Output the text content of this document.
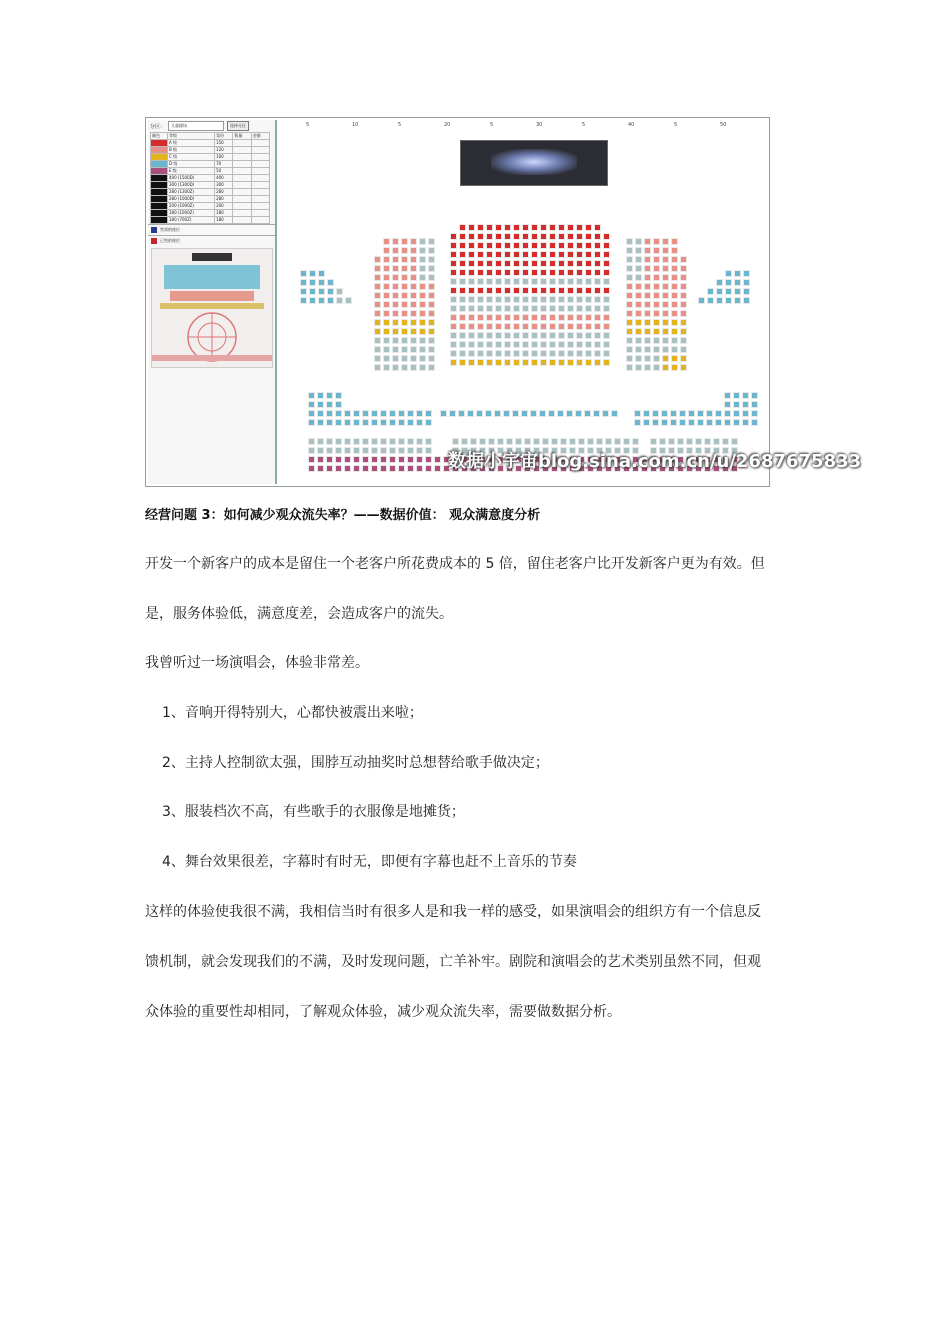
分区：	儿童剧场	选择分区
颜色	等级	票价	数量	金额
	A 级	150		
	B 级	120		
	C 级	100		
	D 级	70		
	E 级	50		
	400 (1500D)	400		
	300 (1300D)	300		
	280 (1300Z)	280		
	280 (1000D)	280		
	200 (1000Z)	200		
	180 (1000Z)	180		
	180 (700Z)	180		
售票的座位
已售的座位
5	10	5	20	5	30	5	40	5	50
数据小宇宙blog.sina.com.cn/u/2687675833
经营问题 3：如何减少观众流失率？——数据价值： 观众满意度分析
开发一个新客户的成本是留住一个老客户所花费成本的 5 倍，留住老客户比开发新客户更为有效。但
是，服务体验低，满意度差，会造成客户的流失。
我曾听过一场演唱会，体验非常差。
1、音响开得特别大，心都快被震出来啦；
2、主持人控制欲太强，围脖互动抽奖时总想替给歌手做决定；
3、服装档次不高，有些歌手的衣服像是地摊货；
4、舞台效果很差，字幕时有时无，即便有字幕也赶不上音乐的节奏
这样的体验使我很不满，我相信当时有很多人是和我一样的感受，如果演唱会的组织方有一个信息反
馈机制，就会发现我们的不满，及时发现问题，亡羊补牢。剧院和演唱会的艺术类别虽然不同，但观
众体验的重要性却相同，了解观众体验，减少观众流失率，需要做数据分析。
